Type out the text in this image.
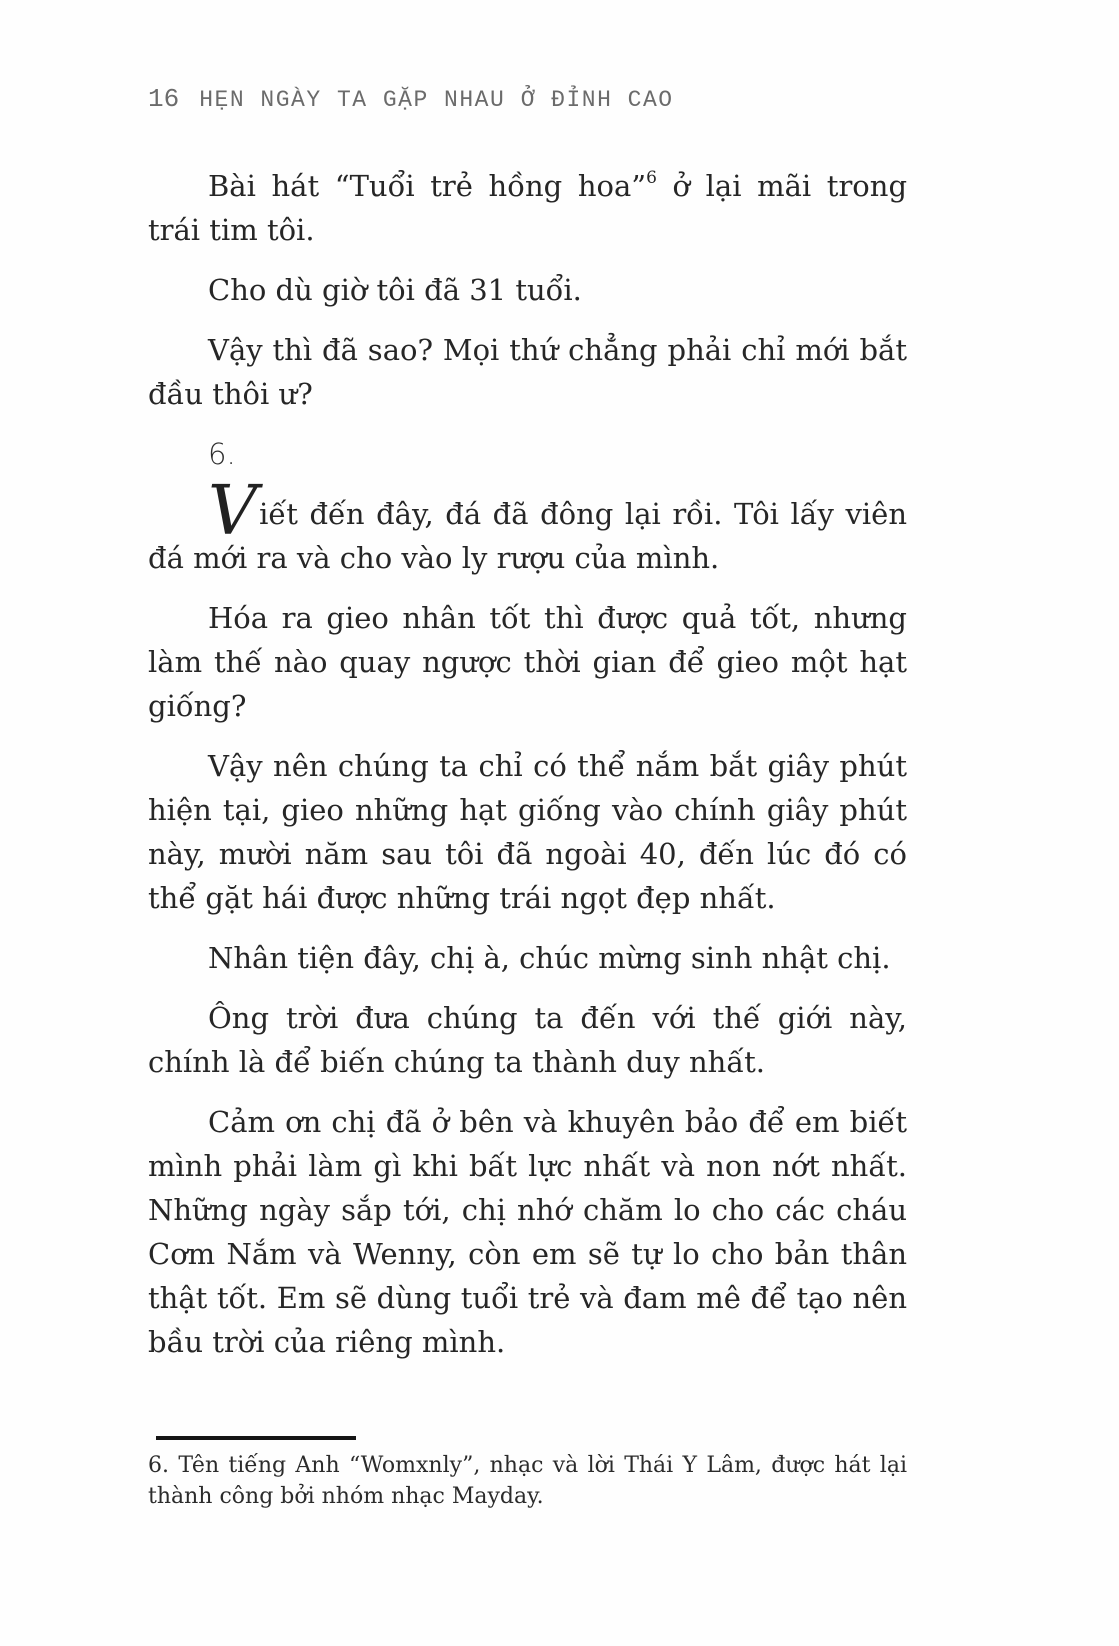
16 HẸN NGÀY TA GẶP NHAU Ở ĐỈNH CAO

Bài hát “Tuổi trẻ hồng hoa”$^6$ ở lại mãi trong trái tim tôi.

Cho dù giờ tôi đã 31 tuổi.

Vậy thì đã sao? Mọi thứ chẳng phải chỉ mới bắt đầu thôi ư?

6.

Viết đến đây, đá đã đông lại rồi. Tôi lấy viên đá mới ra và cho vào ly rượu của mình.

Hóa ra gieo nhân tốt thì được quả tốt, nhưng làm thế nào quay ngược thời gian để gieo một hạt giống?

Vậy nên chúng ta chỉ có thể nắm bắt giây phút hiện tại, gieo những hạt giống vào chính giây phút này, mười năm sau tôi đã ngoài 40, đến lúc đó có thể gặt hái được những trái ngọt đẹp nhất.

Nhân tiện đây, chị à, chúc mừng sinh nhật chị.

Ông trời đưa chúng ta đến với thế giới này, chính là để biến chúng ta thành duy nhất.

Cảm ơn chị đã ở bên và khuyên bảo để em biết mình phải làm gì khi bất lực nhất và non nớt nhất. Những ngày sắp tới, chị nhớ chăm lo cho các cháu Cơm Nắm và Wenny, còn em sẽ tự lo cho bản thân thật tốt. Em sẽ dùng tuổi trẻ và đam mê để tạo nên bầu trời của riêng mình.

6. Tên tiếng Anh “Womxnly”, nhạc và lời Thái Y Lâm, được hát lại thành công bởi nhóm nhạc Mayday.
